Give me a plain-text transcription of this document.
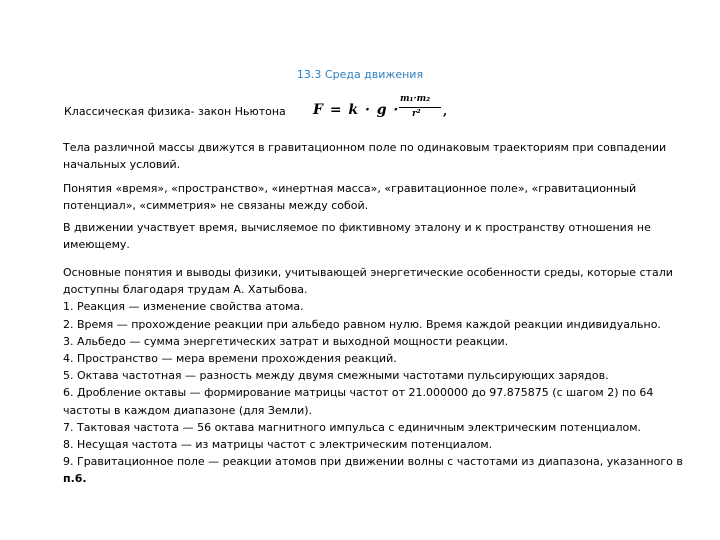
13.3 Среда движения
Классическая физика- закон Ньютона F = k · g ·
m₁·m₂
r² ,

Тела различной массы движутся в гравитационном поле по одинаковым траекториям при совпадении начальных условий.

Понятия «время», «пространство», «инертная масса», «гравитационное поле», «гравитационный потенциал», «симметрия» не связаны между собой.

В движении участвует время, вычисляемое по фиктивному эталону и к пространству отношения не имеющему.

Основные понятия и выводы физики, учитывающей энергетические особенности среды, которые стали доступны благодаря трудам А. Хатыбова.
1. Реакция — изменение свойства атома.
2. Время — прохождение реакции при альбедо равном нулю. Время каждой реакции индивидуально.
3. Альбедо — сумма энергетических затрат и выходной мощности реакции.
4. Пространство — мера времени прохождения реакций.
5. Октава частотная — разность между двумя смежными частотами пульсирующих зарядов.
6. Дробление октавы — формирование матрицы частот от 21.000000 до 97.875875 (с шагом 2) по 64 частоты в каждом диапазоне (для Земли).
7. Тактовая частота — 56 октава магнитного импульса с единичным электрическим потенциалом.
8. Несущая частота — из матрицы частот с электрическим потенциалом.
9. Гравитационное поле — реакции атомов при движении волны с частотами из диапазона, указанного в п.6.
